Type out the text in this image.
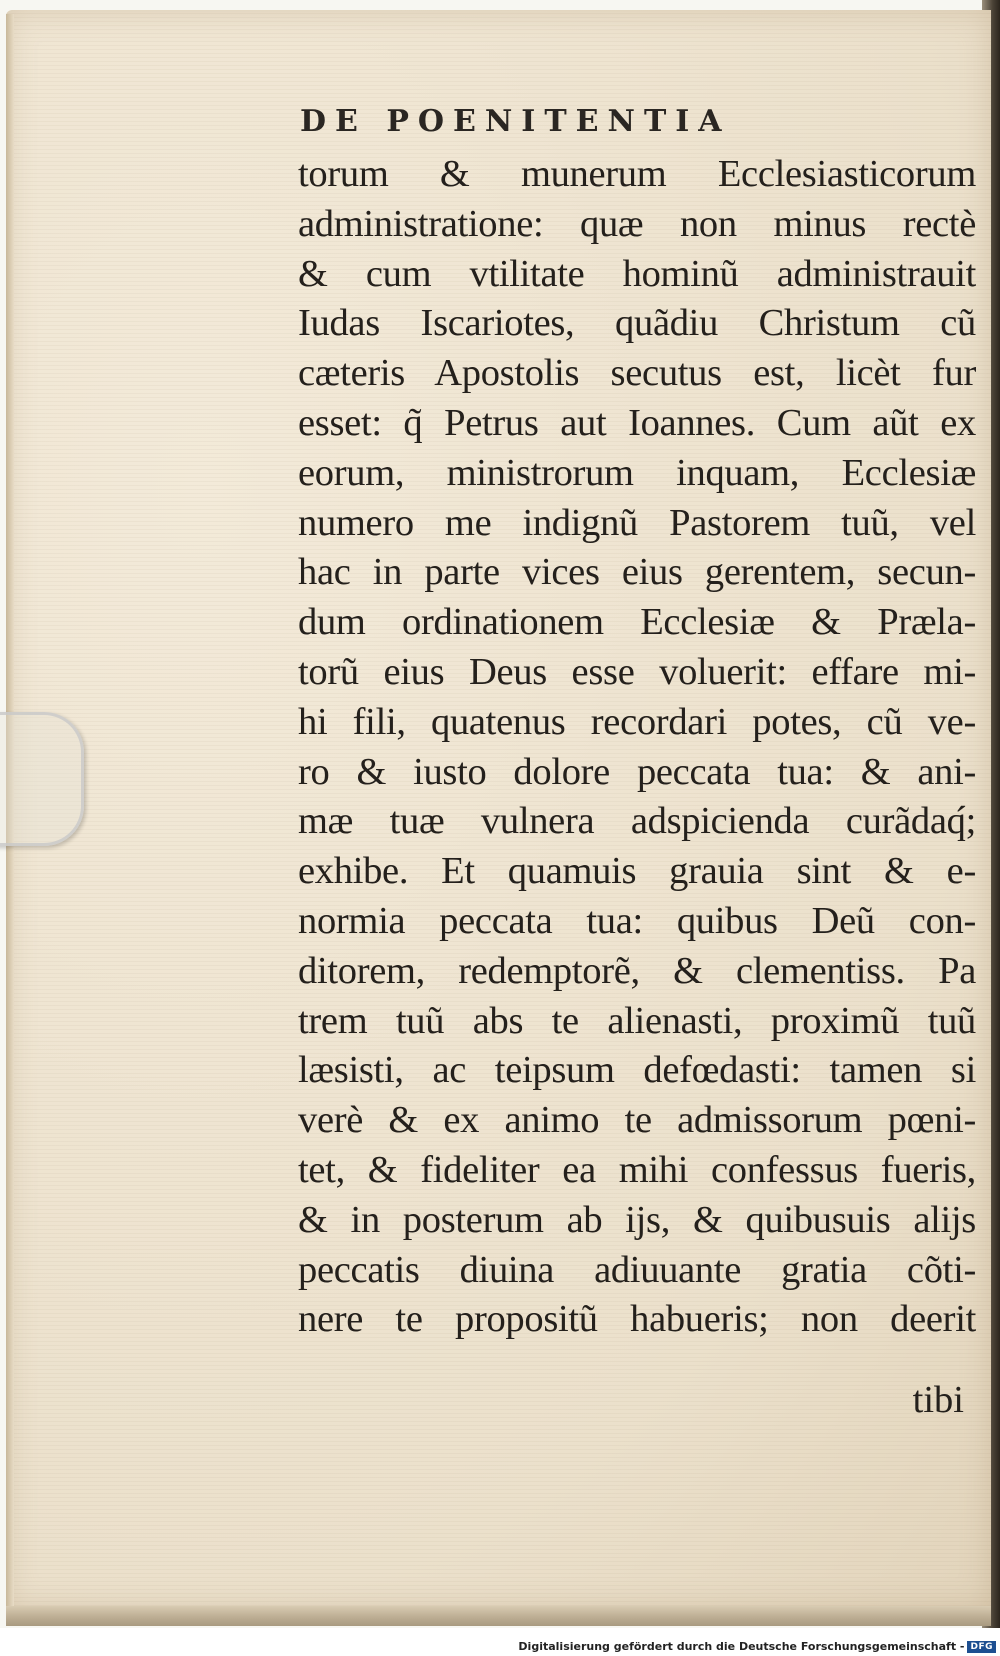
DE POENITENTIA

torum & munerum Ecclesiasticorum
administratione: quæ non minus rectè
& cum vtilitate hominũ administrauit
Iudas Iscariotes, quãdiu Christum cũ
cæteris Apostolis secutus est, licèt fur
esset: q̃ Petrus aut Ioannes. Cum aũt ex
eorum, ministrorum inquam, Ecclesiæ
numero me indignũ Pastorem tuũ, vel
hac in parte vices eius gerentem, secun-
dum ordinationem Ecclesiæ & Præla-
torũ eius Deus esse voluerit: effare mi-
hi fili, quatenus recordari potes, cũ ve-
ro & iusto dolore peccata tua: & ani-
mæ tuæ vulnera adspicienda curãdaq́;
exhibe. Et quamuis grauia sint & e-
normia peccata tua: quibus Deũ con-
ditorem, redemptorẽ, & clementiss. Pa
trem tuũ abs te alienasti, proximũ tuũ
læsisti, ac teipsum defœdasti: tamen si
verè & ex animo te admissorum pœni-
tet, & fideliter ea mihi confessus fueris,
& in posterum ab ijs, & quibusuis alijs
peccatis diuina adiuuante gratia cõti-
nere te propositũ habueris; non deerit

tibi

Digitalisierung gefördert durch die Deutsche Forschungsgemeinschaft - DFG
